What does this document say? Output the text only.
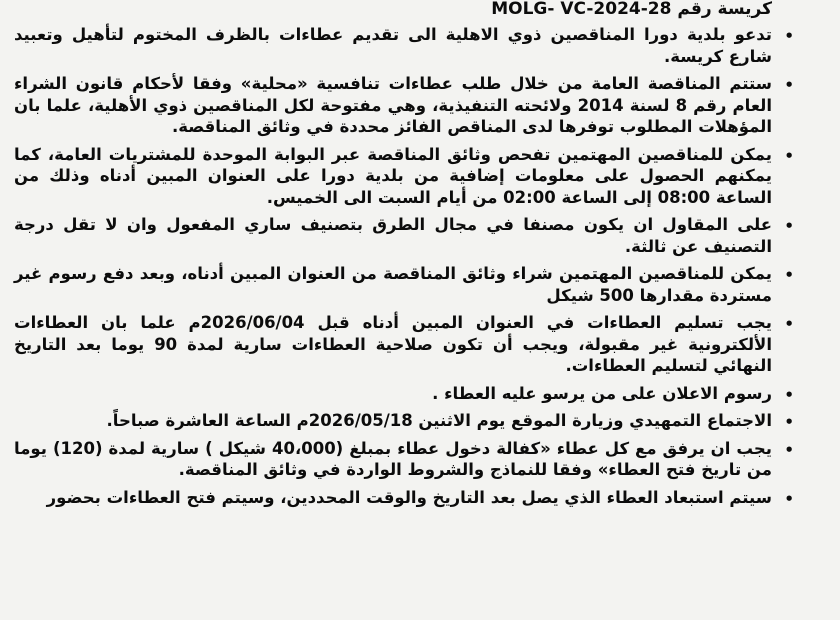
كريسة رقم MOLG- VC-2024-28
•
تدعو بلدية دورا المناقصين ذوي الاهلية الى تقديم عطاءات بالظرف المختوم لتأهيل وتعبيد شارع كريسة.
•
ستتم المناقصة العامة من خلال طلب عطاءات تنافسية «محلية» وفقا لأحكام قانون الشراء العام رقم 8 لسنة 2014 ولائحته التنفيذية، وهي مفتوحة لكل المناقصين ذوي الأهلية، علما بان المؤهلات المطلوب توفرها لدى المناقص الفائز محددة في وثائق المناقصة.
•
يمكن للمناقصين المهتمين تفحص وثائق المناقصة عبر البوابة الموحدة للمشتريات العامة، كما يمكنهم الحصول على معلومات إضافية من بلدية دورا على العنوان المبين أدناه وذلك من الساعة 08:00 إلى الساعة 02:00 من أيام السبت الى الخميس.
•
على المقاول ان يكون مصنفا في مجال الطرق بتصنيف ساري المفعول وان لا تقل درجة التصنيف عن ثالثة.
•
يمكن للمناقصين المهتمين شراء وثائق المناقصة من العنوان المبين أدناه، وبعد دفع رسوم غير مستردة مقدارها 500 شيكل
•
يجب تسليم العطاءات في العنوان المبين أدناه قبل 2026/06/04م علما بان العطاءات الألكترونية غير مقبولة، ويجب أن تكون صلاحية العطاءات سارية لمدة 90 يوما بعد التاريخ النهائي لتسليم العطاءات.
•
رسوم الاعلان على من يرسو عليه العطاء .
•
الاجتماع التمهيدي وزيارة الموقع يوم الاثنين 2026/05/18م الساعة العاشرة صباحاً.
•
يجب ان يرفق مع كل عطاء «كفالة دخول عطاء بمبلغ (40،000 شيكل ) سارية لمدة (120) يوما من تاريخ فتح العطاء» وفقا للنماذج والشروط الواردة في وثائق المناقصة.
•
سيتم استبعاد العطاء الذي يصل بعد التاريخ والوقت المحددين، وسيتم فتح العطاءات بحضور
